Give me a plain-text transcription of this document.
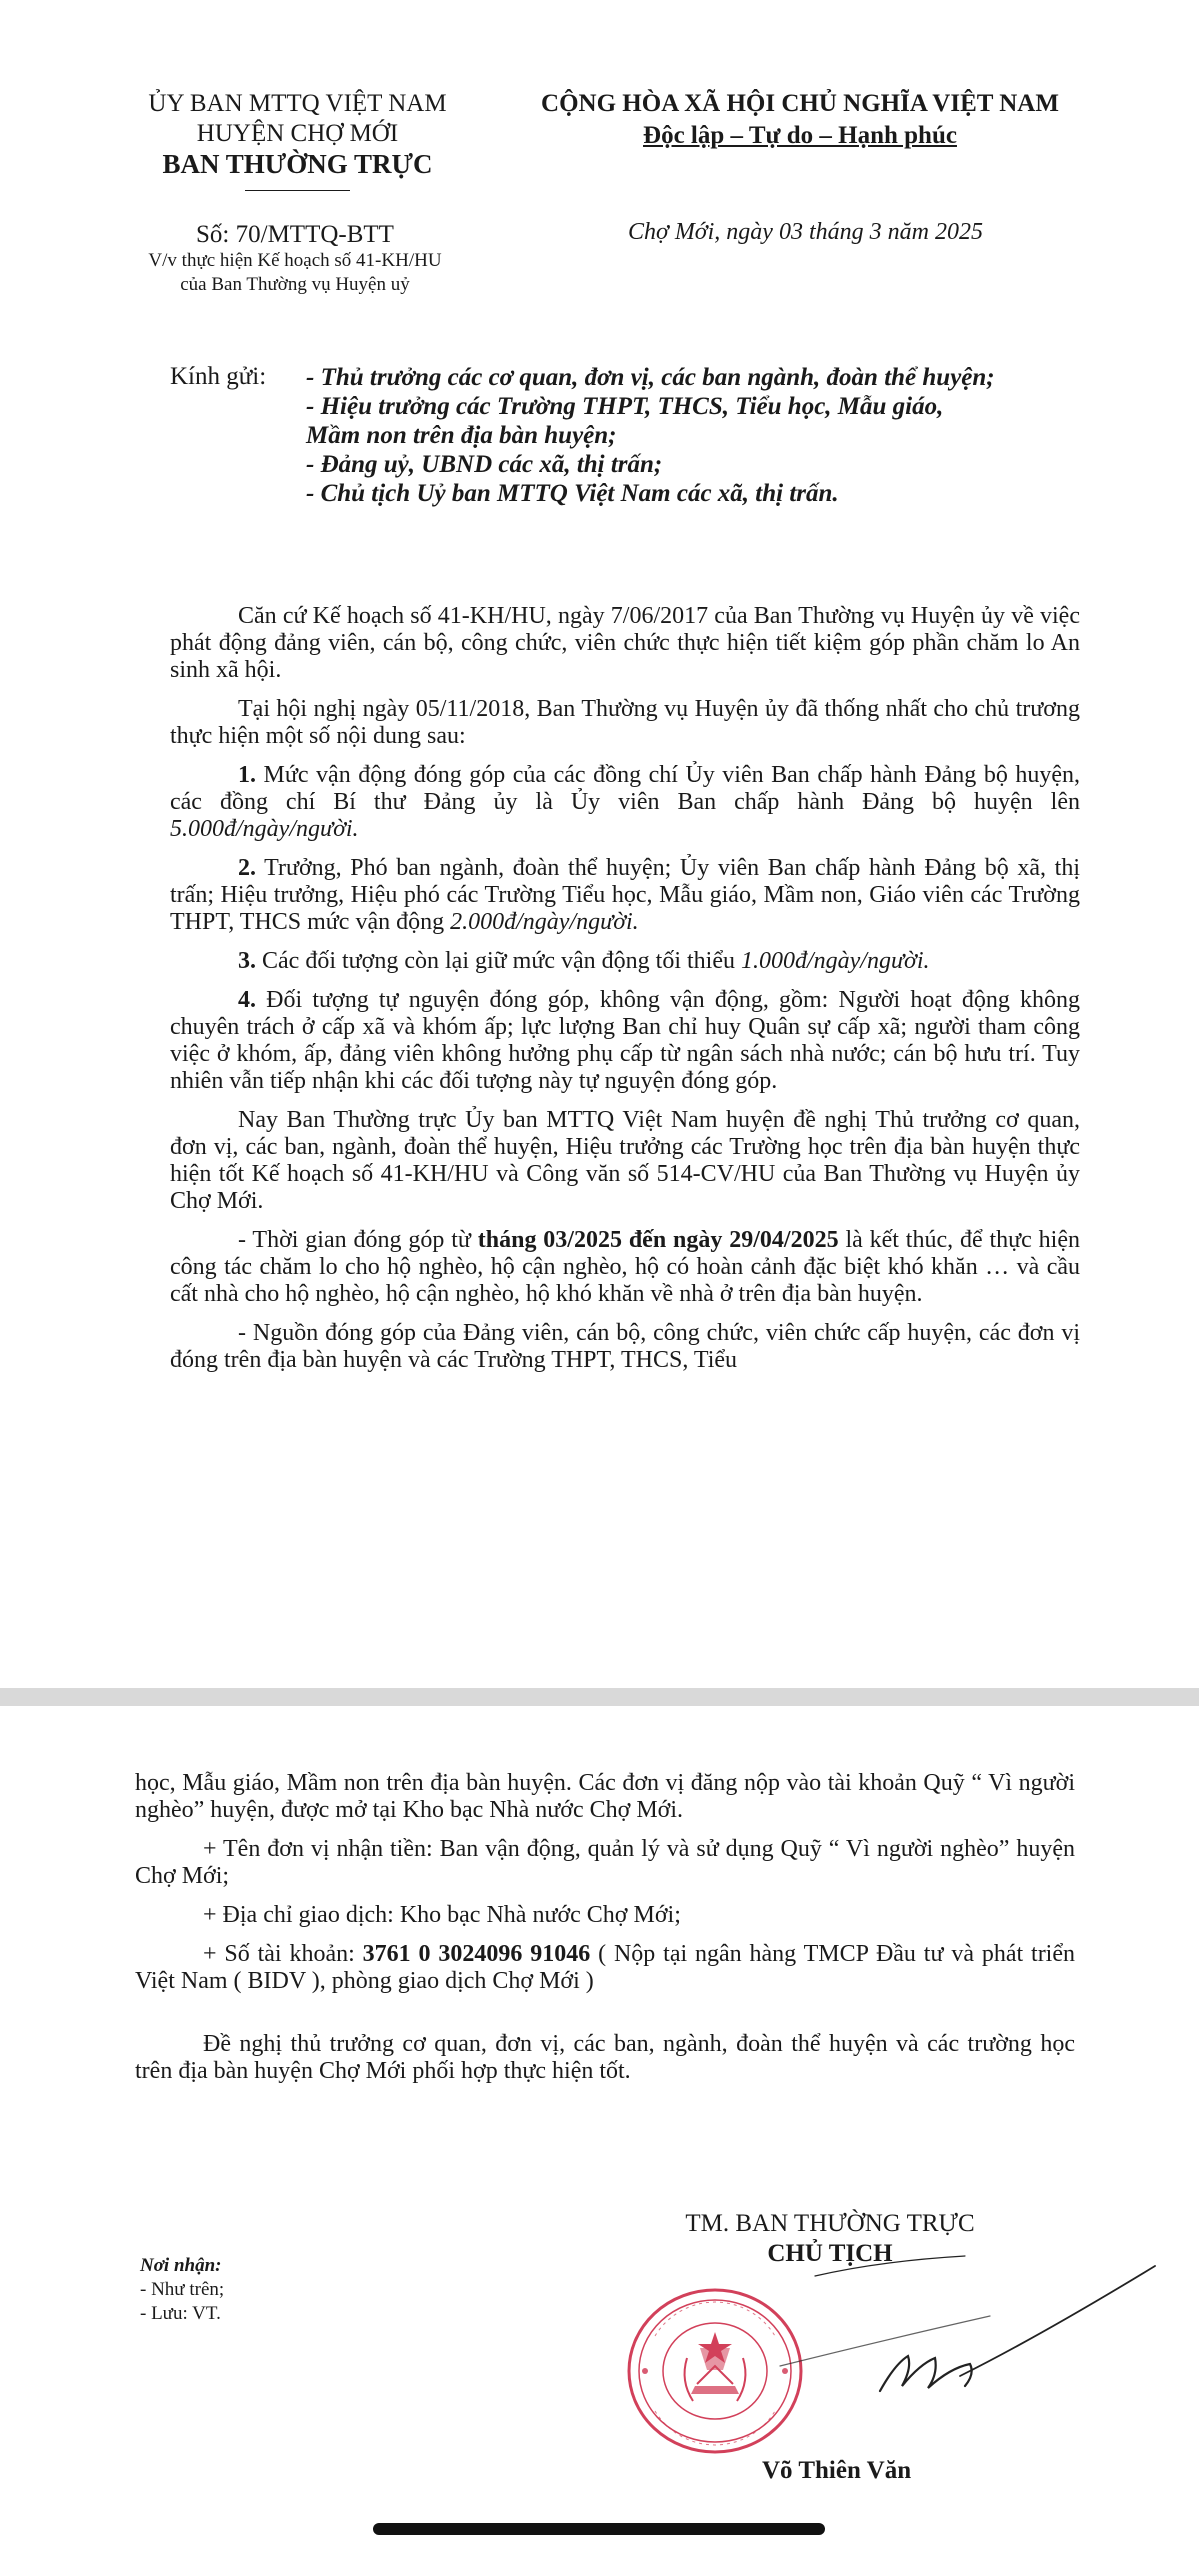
ỦY BAN MTTQ VIỆT NAM
HUYỆN CHỢ MỚI
BAN THƯỜNG TRỰC
CỘNG HÒA XÃ HỘI CHỦ NGHĨA VIỆT NAM
Độc lập – Tự do – Hạnh phúc
Số: 70/MTTQ-BTT
V/v thực hiện Kế hoạch số 41-KH/HU
của Ban Thường vụ Huyện uỷ
Chợ Mới, ngày 03 tháng 3 năm 2025
Kính gửi: - Thủ trưởng các cơ quan, đơn vị, các ban ngành, đoàn thể huyện;
- Hiệu trưởng các Trường THPT, THCS, Tiểu học, Mẫu giáo,
Mầm non trên địa bàn huyện;
- Đảng uỷ, UBND các xã, thị trấn;
- Chủ tịch Uỷ ban MTTQ Việt Nam các xã, thị trấn.

Căn cứ Kế hoạch số 41-KH/HU, ngày 7/06/2017 của Ban Thường vụ Huyện ủy về việc phát động đảng viên, cán bộ, công chức, viên chức thực hiện tiết kiệm góp phần chăm lo An sinh xã hội.

Tại hội nghị ngày 05/11/2018, Ban Thường vụ Huyện ủy đã thống nhất cho chủ trương thực hiện một số nội dung sau:

1. Mức vận động đóng góp của các đồng chí Ủy viên Ban chấp hành Đảng bộ huyện, các đồng chí Bí thư Đảng ủy là Ủy viên Ban chấp hành Đảng bộ huyện lên 5.000đ/ngày/người.

2. Trưởng, Phó ban ngành, đoàn thể huyện; Ủy viên Ban chấp hành Đảng bộ xã, thị trấn; Hiệu trưởng, Hiệu phó các Trường Tiểu học, Mẫu giáo, Mầm non, Giáo viên các Trường THPT, THCS mức vận động 2.000đ/ngày/người.

3. Các đối tượng còn lại giữ mức vận động tối thiểu 1.000đ/ngày/người.

4. Đối tượng tự nguyện đóng góp, không vận động, gồm: Người hoạt động không chuyên trách ở cấp xã và khóm ấp; lực lượng Ban chỉ huy Quân sự cấp xã; người tham công việc ở khóm, ấp, đảng viên không hưởng phụ cấp từ ngân sách nhà nước; cán bộ hưu trí. Tuy nhiên vẫn tiếp nhận khi các đối tượng này tự nguyện đóng góp.

Nay Ban Thường trực Ủy ban MTTQ Việt Nam huyện đề nghị Thủ trưởng cơ quan, đơn vị, các ban, ngành, đoàn thể huyện, Hiệu trưởng các Trường học trên địa bàn huyện thực hiện tốt Kế hoạch số 41-KH/HU và Công văn số 514-CV/HU của Ban Thường vụ Huyện ủy Chợ Mới.

- Thời gian đóng góp từ tháng 03/2025 đến ngày 29/04/2025 là kết thúc, để thực hiện công tác chăm lo cho hộ nghèo, hộ cận nghèo, hộ có hoàn cảnh đặc biệt khó khăn … và cầu cất nhà cho hộ nghèo, hộ cận nghèo, hộ khó khăn về nhà ở trên địa bàn huyện.

- Nguồn đóng góp của Đảng viên, cán bộ, công chức, viên chức cấp huyện, các đơn vị đóng trên địa bàn huyện và các Trường THPT, THCS, Tiểu

học, Mẫu giáo, Mầm non trên địa bàn huyện. Các đơn vị đăng nộp vào tài khoản Quỹ “ Vì người nghèo” huyện, được mở tại Kho bạc Nhà nước Chợ Mới.

+ Tên đơn vị nhận tiền: Ban vận động, quản lý và sử dụng Quỹ “ Vì người nghèo” huyện Chợ Mới;

+ Địa chỉ giao dịch: Kho bạc Nhà nước Chợ Mới;

+ Số tài khoản: 3761 0 3024096 91046 ( Nộp tại ngân hàng TMCP Đầu tư và phát triển Việt Nam ( BIDV ), phòng giao dịch Chợ Mới )

Đề nghị thủ trưởng cơ quan, đơn vị, các ban, ngành, đoàn thể huyện và các trường học trên địa bàn huyện Chợ Mới phối hợp thực hiện tốt.

Nơi nhận:
- Như trên;
- Lưu: VT.
TM. BAN THƯỜNG TRỰC
CHỦ TỊCH
Võ Thiên Văn
